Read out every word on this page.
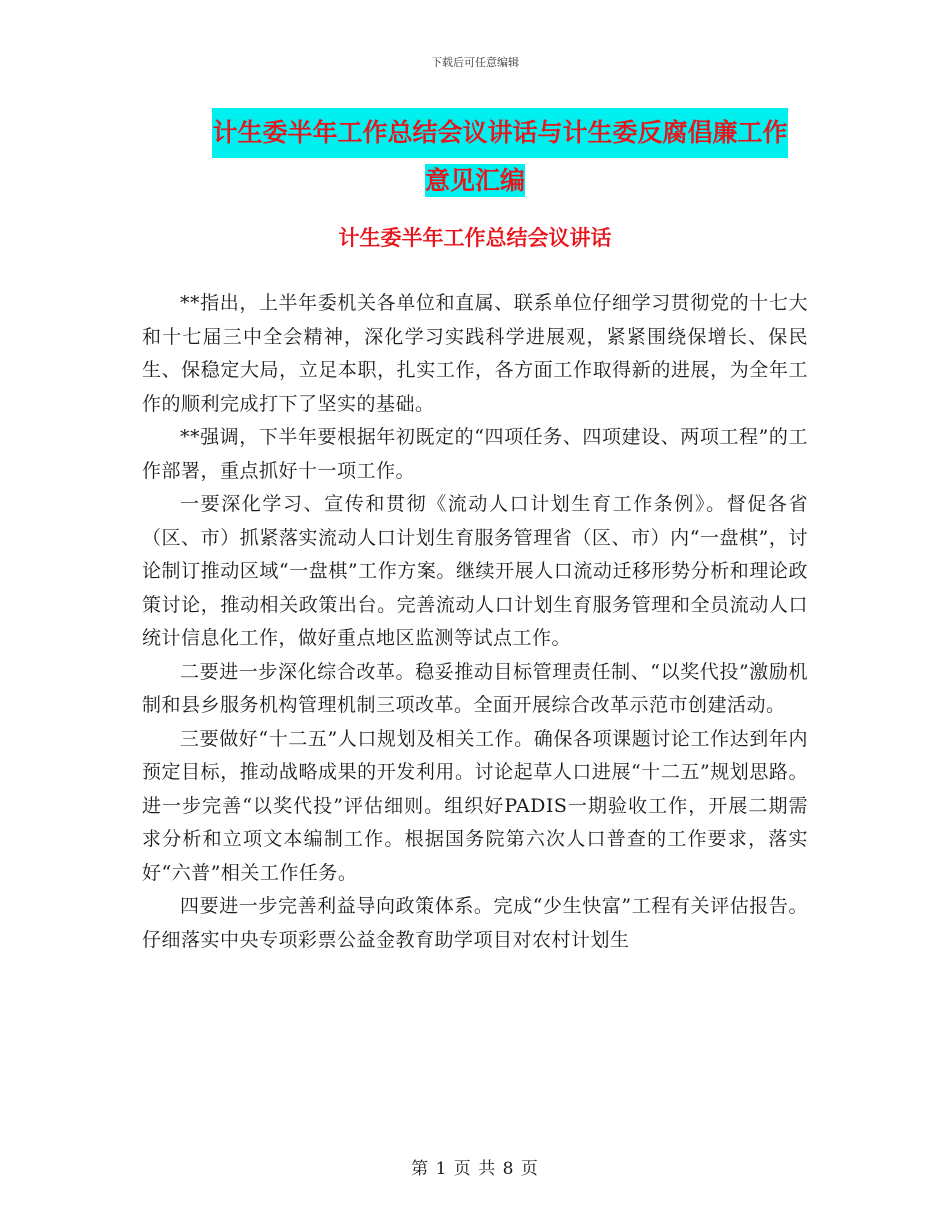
下载后可任意编辑
计生委半年工作总结会议讲话与计生委反腐倡廉工作
意见汇编
计生委半年工作总结会议讲话

**指出，上半年委机关各单位和直属、联系单位仔细学习贯彻党的十七大和十七届三中全会精神，深化学习实践科学进展观，紧紧围绕保增长、保民生、保稳定大局，立足本职，扎实工作，各方面工作取得新的进展，为全年工作的顺利完成打下了坚实的基础。

**强调，下半年要根据年初既定的“四项任务、四项建设、两项工程”的工作部署，重点抓好十一项工作。

一要深化学习、宣传和贯彻《流动人口计划生育工作条例》。督促各省（区、市）抓紧落实流动人口计划生育服务管理省（区、市）内“一盘棋”，讨论制订推动区域“一盘棋”工作方案。继续开展人口流动迁移形势分析和理论政策讨论，推动相关政策出台。完善流动人口计划生育服务管理和全员流动人口统计信息化工作，做好重点地区监测等试点工作。

二要进一步深化综合改革。稳妥推动目标管理责任制、“以奖代投”激励机制和县乡服务机构管理机制三项改革。全面开展综合改革示范市创建活动。

三要做好“十二五”人口规划及相关工作。确保各项课题讨论工作达到年内预定目标，推动战略成果的开发利用。讨论起草人口进展“十二五”规划思路。进一步完善“以奖代投”评估细则。组织好PADIS一期验收工作，开展二期需求分析和立项文本编制工作。根据国务院第六次人口普查的工作要求，落实好“六普”相关工作任务。

四要进一步完善利益导向政策体系。完成“少生快富”工程有关评估报告。仔细落实中央专项彩票公益金教育助学项目对农村计划生

第 1 页 共 8 页
